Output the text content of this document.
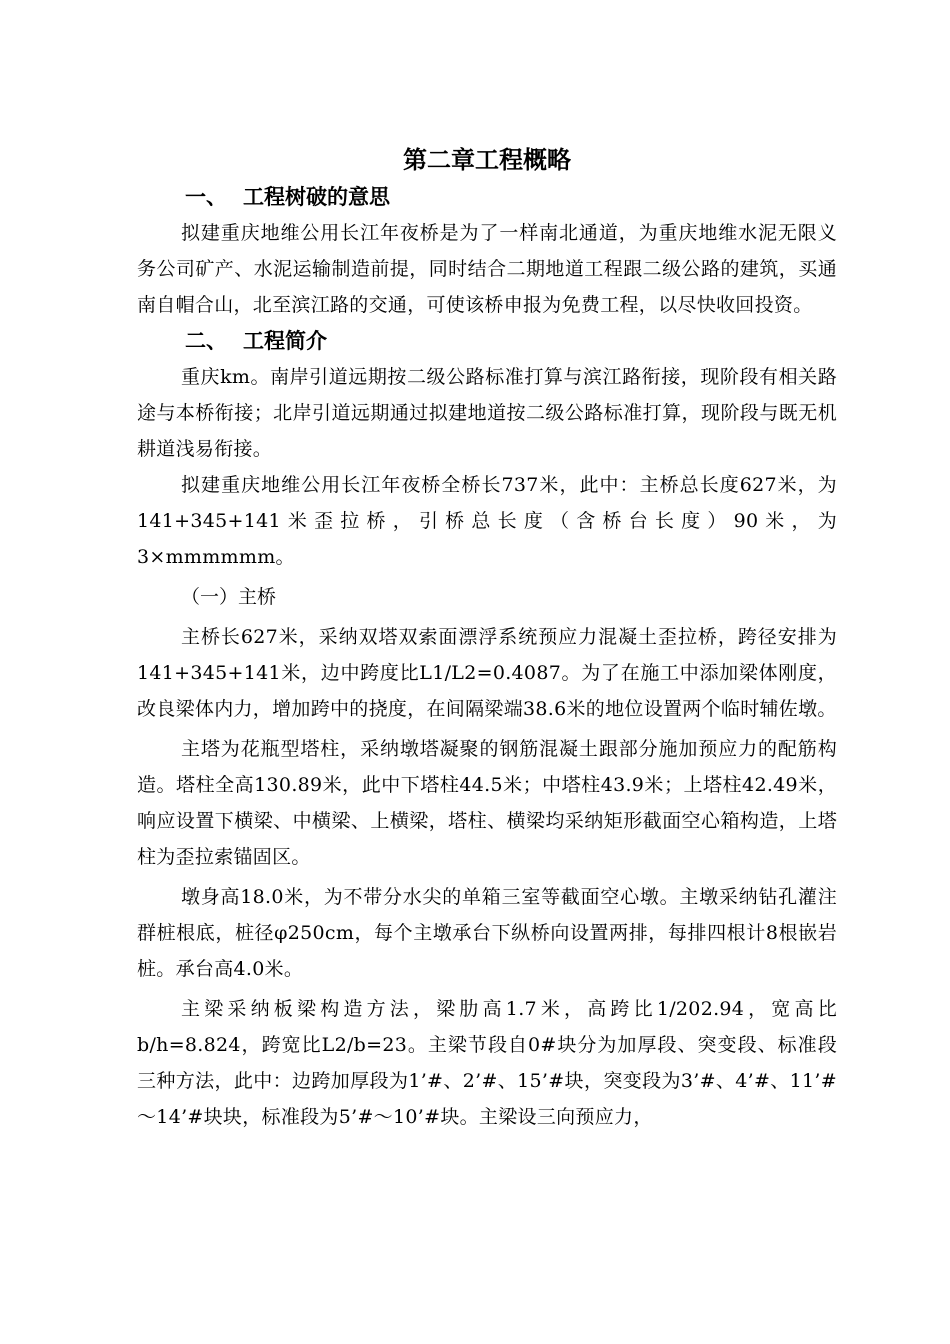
第二章工程概略
一、 工程树破的意思

拟建重庆地维公用长江年夜桥是为了一样南北通道，为重庆地维水泥无限义务公司矿产、水泥运输制造前提，同时结合二期地道工程跟二级公路的建筑，买通南自帽合山，北至滨江路的交通，可使该桥申报为免费工程，以尽快收回投资。

二、 工程简介

重庆km。南岸引道远期按二级公路标准打算与滨江路衔接，现阶段有相关路途与本桥衔接；北岸引道远期通过拟建地道按二级公路标准打算，现阶段与既无机耕道浅易衔接。

拟建重庆地维公用长江年夜桥全桥长737米，此中：主桥总长度627米，为141+345+141米歪拉桥，引桥总长度（含桥台长度）90米，为3×mmmmmm。

（一）主桥

主桥长627米，采纳双塔双索面漂浮系统预应力混凝土歪拉桥，跨径安排为141+345+141米，边中跨度比L1/L2=0.4087。为了在施工中添加梁体刚度，改良梁体内力，增加跨中的挠度，在间隔梁端38.6米的地位设置两个临时辅佐墩。

主塔为花瓶型塔柱，采纳墩塔凝聚的钢筋混凝土跟部分施加预应力的配筋构造。塔柱全高130.89米，此中下塔柱44.5米；中塔柱43.9米；上塔柱42.49米，响应设置下横梁、中横梁、上横梁，塔柱、横梁均采纳矩形截面空心箱构造，上塔柱为歪拉索锚固区。

墩身高18.0米，为不带分水尖的单箱三室等截面空心墩。主墩采纳钻孔灌注群桩根底，桩径φ250cm，每个主墩承台下纵桥向设置两排，每排四根计8根嵌岩桩。承台高4.0米。

主梁采纳板梁构造方法，梁肋高1.7米，高跨比1/202.94，宽高比b/h=8.824，跨宽比L2/b=23。主梁节段自0#块分为加厚段、突变段、标准段三种方法，此中：边跨加厚段为1’#、2’#、15’#块，突变段为3’#、4’#、11’#～14’#块块，标准段为5’#～10’#块。主梁设三向预应力，
